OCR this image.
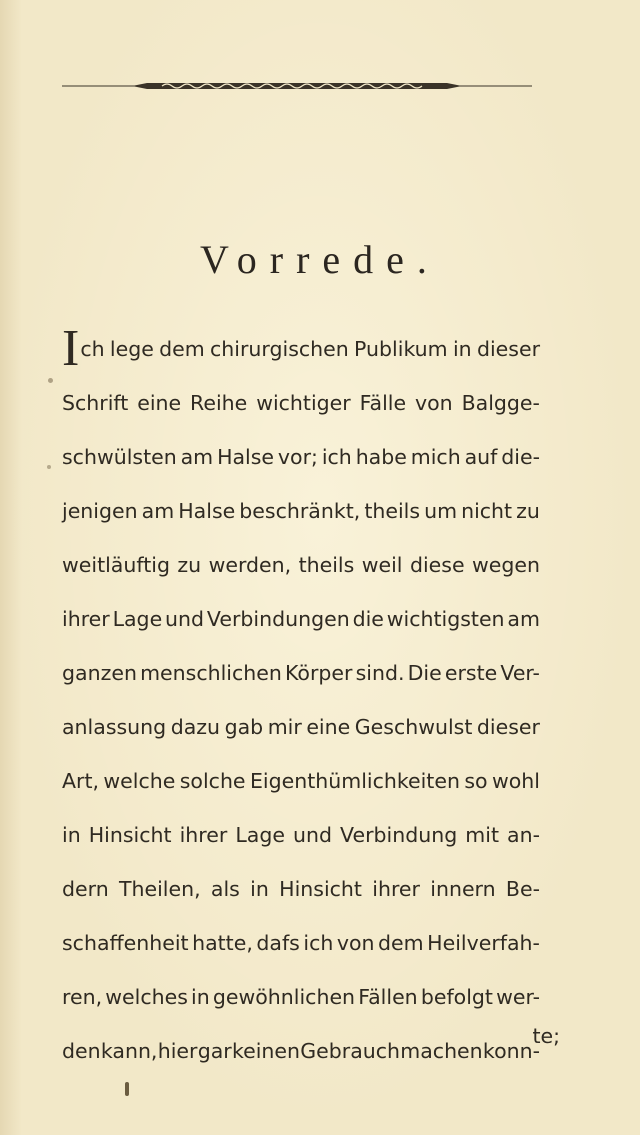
Vorrede.
I ch lege dem chirurgischen Publikum in dieser
Schrift eine Reihe wichtiger Fälle von Balgge-
schwülsten am Halse vor; ich habe mich auf die-
jenigen am Halse beschränkt, theils um nicht zu
weitläuftig zu werden, theils weil diese wegen
ihrer Lage und Verbindungen die wichtigsten am
ganzen menschlichen Körper sind. Die erste Ver-
anlassung dazu gab mir eine Geschwulst dieser
Art, welche solche Eigenthümlichkeiten so wohl
in Hinsicht ihrer Lage und Verbindung mit an-
dern Theilen, als in Hinsicht ihrer innern Be-
schaffenheit hatte, dafs ich von dem Heilverfah-
ren, welches in gewöhnlichen Fällen befolgt wer-
den kann, hier gar keinen Gebrauch machen konn-
te;
